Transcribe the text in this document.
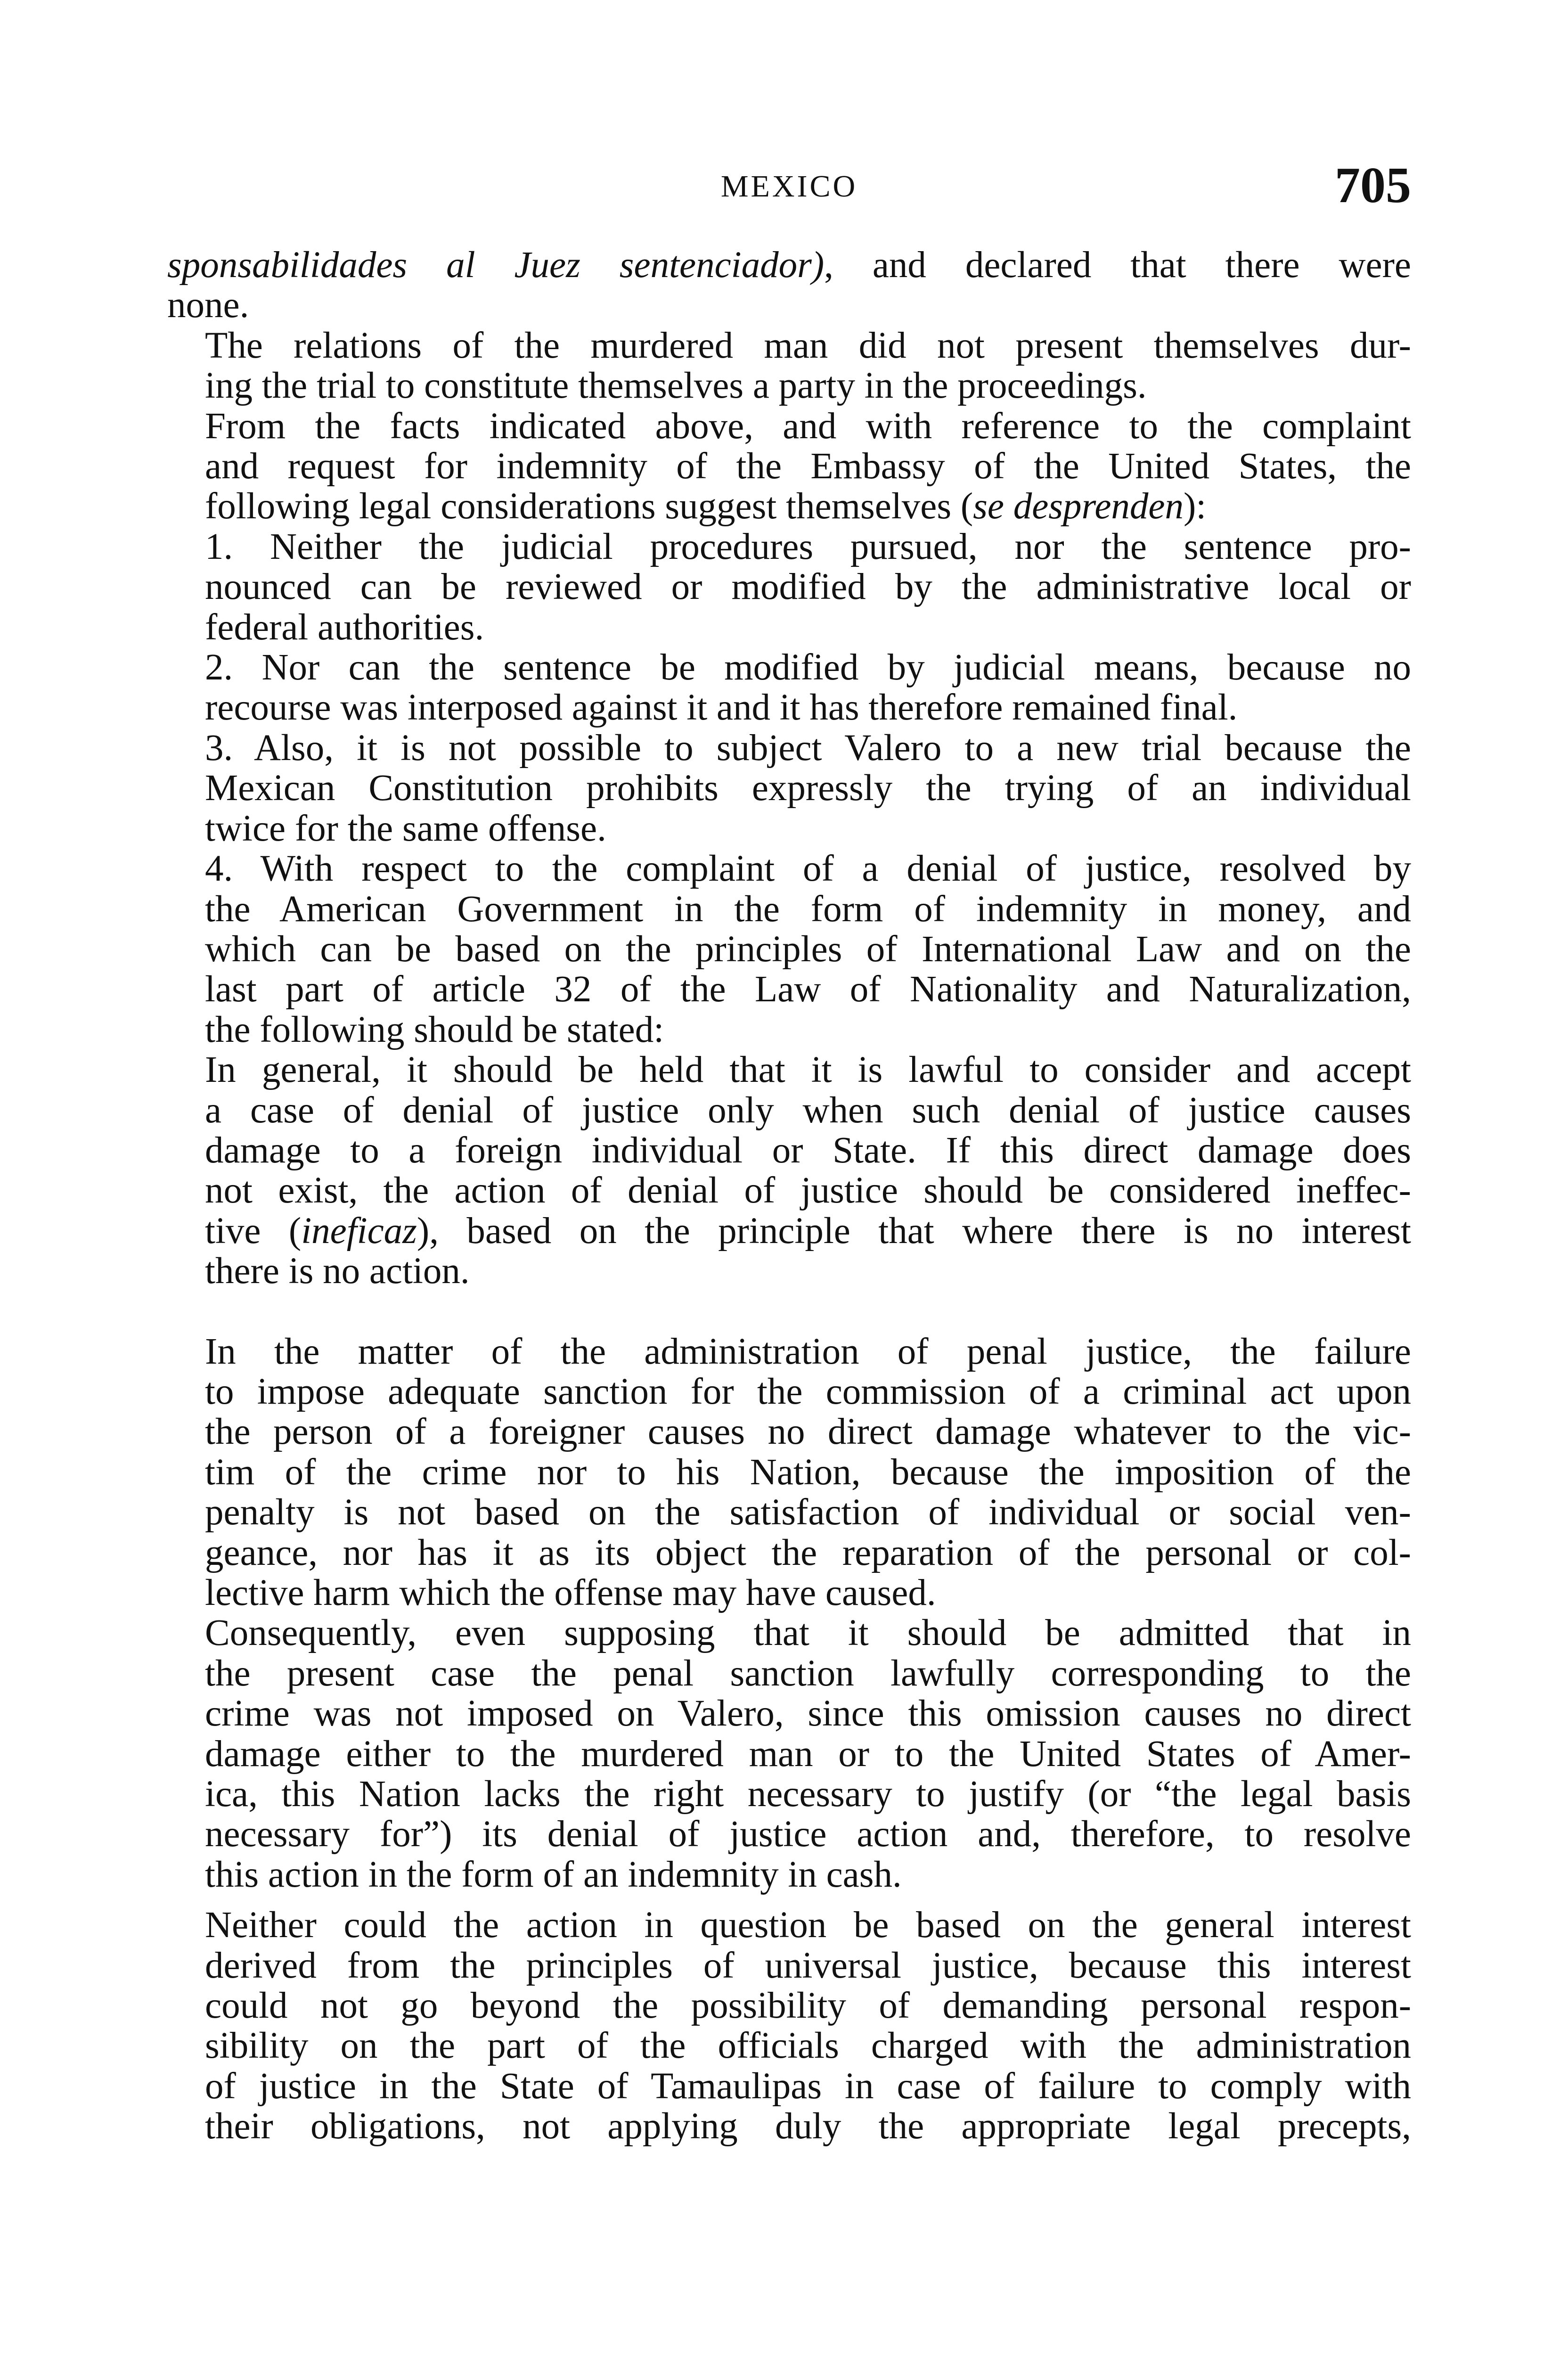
MEXICO	705

sponsabilidades al Juez sentenciador), and declared that there were
none.

The relations of the murdered man did not present themselves dur-
ing the trial to constitute themselves a party in the proceedings.

From the facts indicated above, and with reference to the complaint
and request for indemnity of the Embassy of the United States, the
following legal considerations suggest themselves (se desprenden):

1. Neither the judicial procedures pursued, nor the sentence pro-
nounced can be reviewed or modified by the administrative local or
federal authorities.

2. Nor can the sentence be modified by judicial means, because no
recourse was interposed against it and it has therefore remained final.

3. Also, it is not possible to subject Valero to a new trial because the
Mexican Constitution prohibits expressly the trying of an individual
twice for the same offense.

4. With respect to the complaint of a denial of justice, resolved by
the American Government in the form of indemnity in money, and
which can be based on the principles of International Law and on the
last part of article 32 of the Law of Nationality and Naturalization,
the following should be stated:

In general, it should be held that it is lawful to consider and accept
a case of denial of justice only when such denial of justice causes
damage to a foreign individual or State. If this direct damage does
not exist, the action of denial of justice should be considered ineffec-
tive (ineficaz), based on the principle that where there is no interest
there is no action.

In the matter of the administration of penal justice, the failure
to impose adequate sanction for the commission of a criminal act upon
the person of a foreigner causes no direct damage whatever to the vic-
tim of the crime nor to his Nation, because the imposition of the
penalty is not based on the satisfaction of individual or social ven-
geance, nor has it as its object the reparation of the personal or col-
lective harm which the offense may have caused.

Consequently, even supposing that it should be admitted that in
the present case the penal sanction lawfully corresponding to the
crime was not imposed on Valero, since this omission causes no direct
damage either to the murdered man or to the United States of Amer-
ica, this Nation lacks the right necessary to justify (or “the legal basis
necessary for”) its denial of justice action and, therefore, to resolve
this action in the form of an indemnity in cash.

Neither could the action in question be based on the general interest
derived from the principles of universal justice, because this interest
could not go beyond the possibility of demanding personal respon-
sibility on the part of the officials charged with the administration
of justice in the State of Tamaulipas in case of failure to comply with
their obligations, not applying duly the appropriate legal precepts,
